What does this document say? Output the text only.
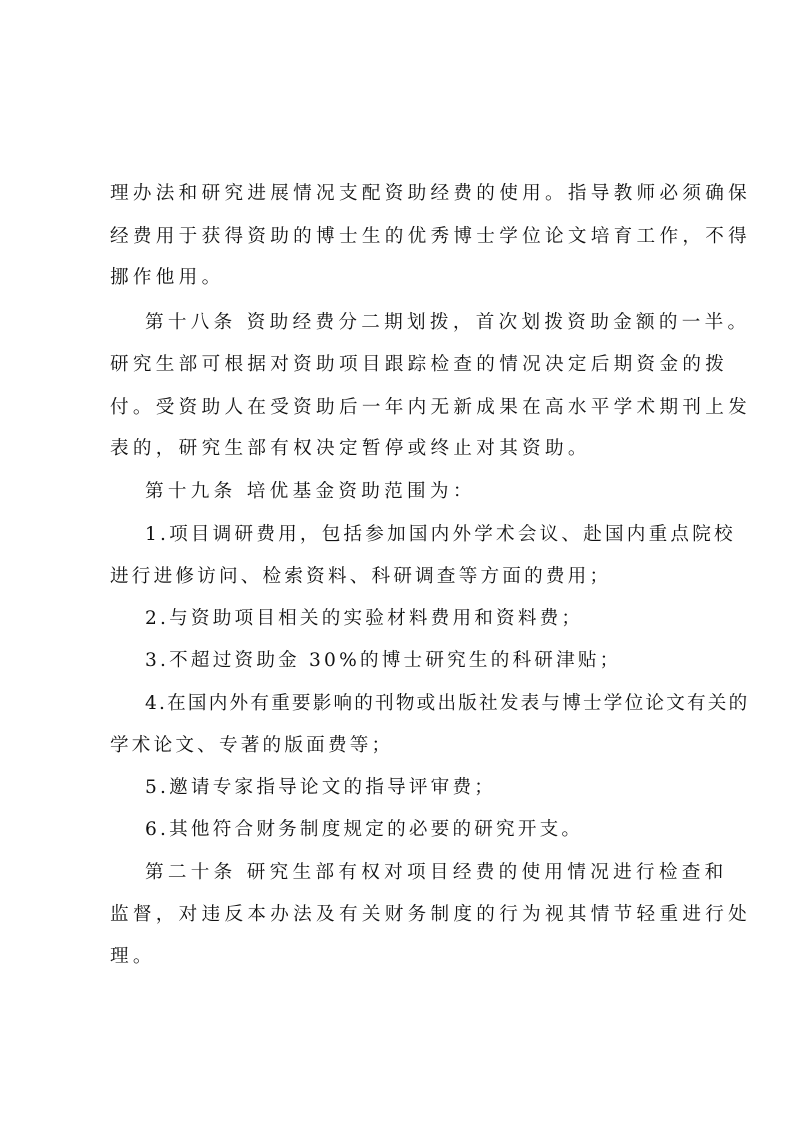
理办法和研究进展情况支配资助经费的使用。指导教师必须确保

经费用于获得资助的博士生的优秀博士学位论文培育工作，不得

挪作他用。

第十八条 资助经费分二期划拨，首次划拨资助金额的一半。

研究生部可根据对资助项目跟踪检查的情况决定后期资金的拨

付。受资助人在受资助后一年内无新成果在高水平学术期刊上发

表的，研究生部有权决定暂停或终止对其资助。

第十九条 培优基金资助范围为：

1.项目调研费用，包括参加国内外学术会议、赴国内重点院校

进行进修访问、检索资料、科研调查等方面的费用；

2.与资助项目相关的实验材料费用和资料费；

3.不超过资助金 30%的博士研究生的科研津贴；

4.在国内外有重要影响的刊物或出版社发表与博士学位论文有关的

学术论文、专著的版面费等；

5.邀请专家指导论文的指导评审费；

6.其他符合财务制度规定的必要的研究开支。

第二十条 研究生部有权对项目经费的使用情况进行检查和

监督，对违反本办法及有关财务制度的行为视其情节轻重进行处

理。
